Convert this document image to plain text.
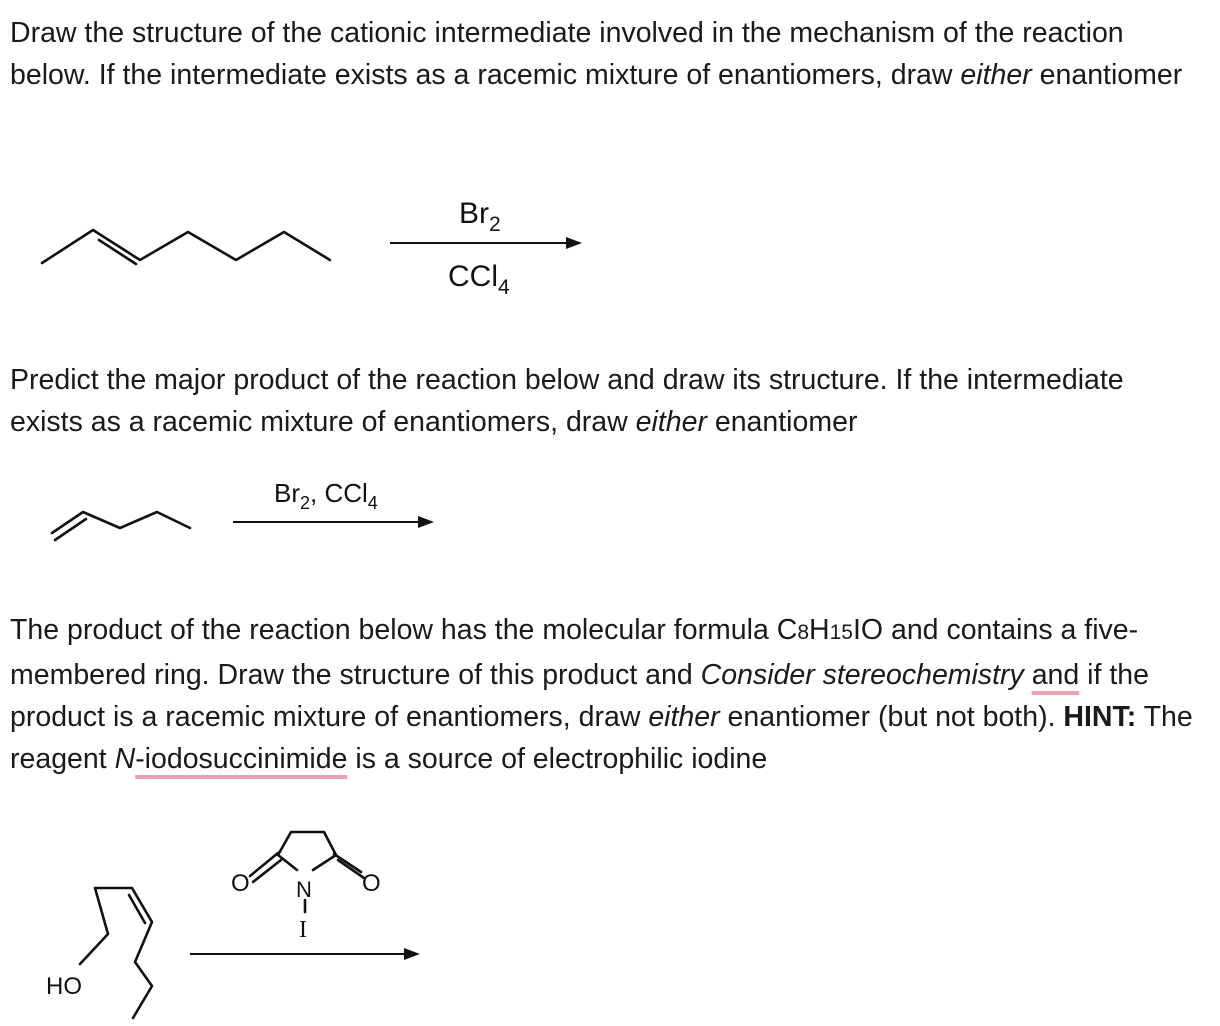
Draw the structure of the cationic intermediate involved in the mechanism of the reaction below. If the intermediate exists as a racemic mixture of enantiomers, draw either enantiomer

$Br_2$
CCl$_4$

Predict the major product of the reaction below and draw its structure. If the intermediate exists as a racemic mixture of enantiomers, draw either enantiomer

$Br_2$, CCl$_4$

The product of the reaction below has the molecular formula C8H15IO and contains a five-membered ring. Draw the structure of this product and Consider stereochemistry and if the product is a racemic mixture of enantiomers, draw either enantiomer (but not both). HINT: The reagent N-iodosuccinimide is a source of electrophilic iodine

HO
O	O
N
I
